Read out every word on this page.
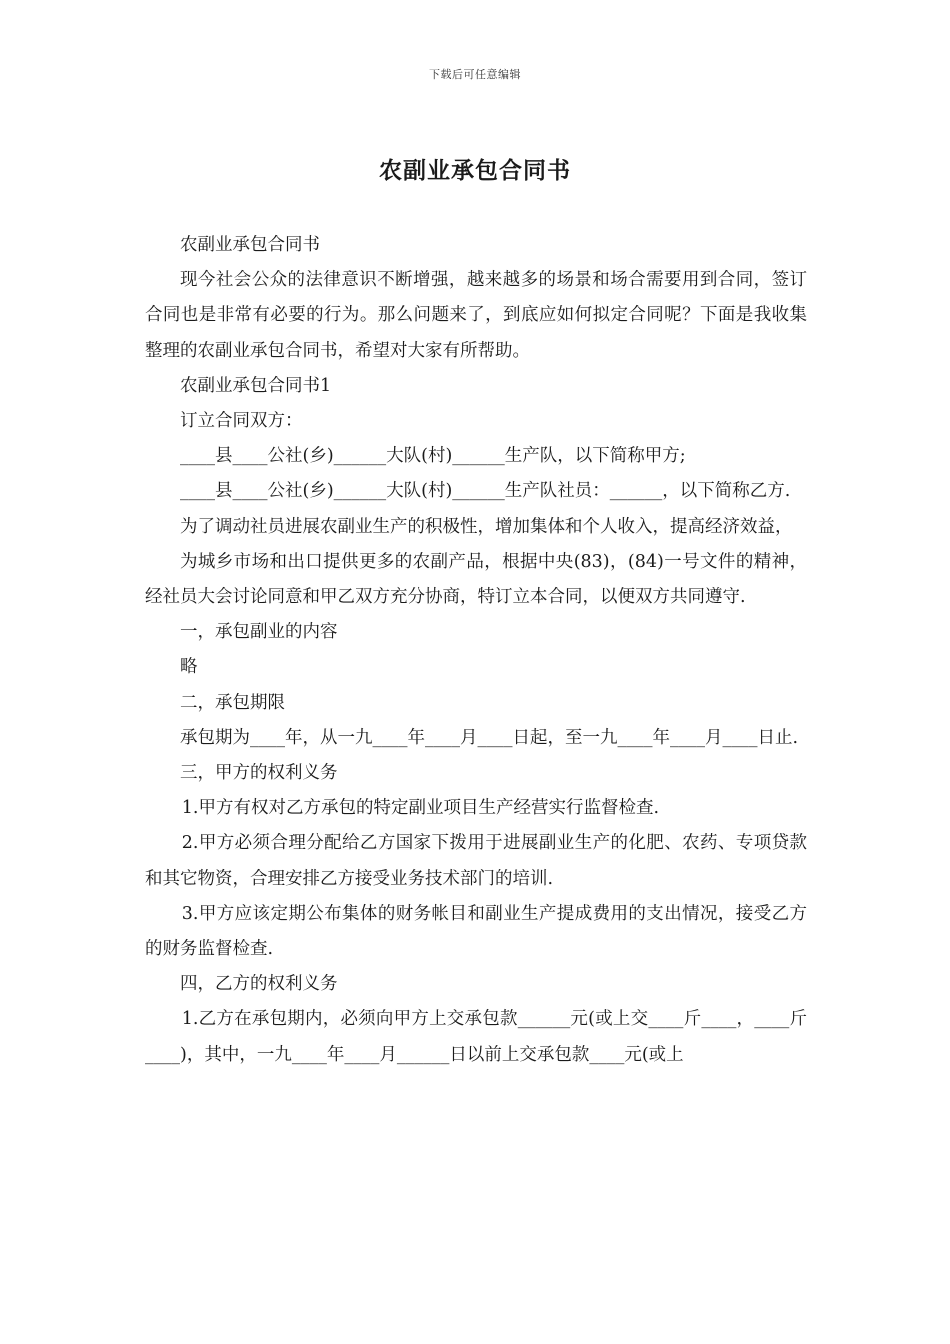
下载后可任意编辑
农副业承包合同书

农副业承包合同书

现今社会公众的法律意识不断增强，越来越多的场景和场合需要用到合同，签订合同也是非常有必要的行为。那么问题来了，到底应如何拟定合同呢？下面是我收集整理的农副业承包合同书，希望对大家有所帮助。

农副业承包合同书1

订立合同双方：

____县____公社(乡)______大队(村)______生产队，以下简称甲方;

____县____公社(乡)______大队(村)______生产队社员：______，以下简称乙方.

为了调动社员进展农副业生产的积极性，增加集体和个人收入，提高经济效益，

为城乡市场和出口提供更多的农副产品，根据中央(83)，(84)一号文件的精神，经社员大会讨论同意和甲乙双方充分协商，特订立本合同，以便双方共同遵守.

一，承包副业的内容

略

二，承包期限

承包期为____年，从一九____年____月____日起，至一九____年____月____日止.

三，甲方的权利义务

1.甲方有权对乙方承包的特定副业项目生产经营实行监督检查.

2.甲方必须合理分配给乙方国家下拨用于进展副业生产的化肥、农药、专项贷款和其它物资，合理安排乙方接受业务技术部门的培训.

3.甲方应该定期公布集体的财务帐目和副业生产提成费用的支出情况，接受乙方的财务监督检查.

四，乙方的权利义务

1.乙方在承包期内，必须向甲方上交承包款______元(或上交____斤____，____斤____)，其中，一九____年____月______日以前上交承包款____元(或上
